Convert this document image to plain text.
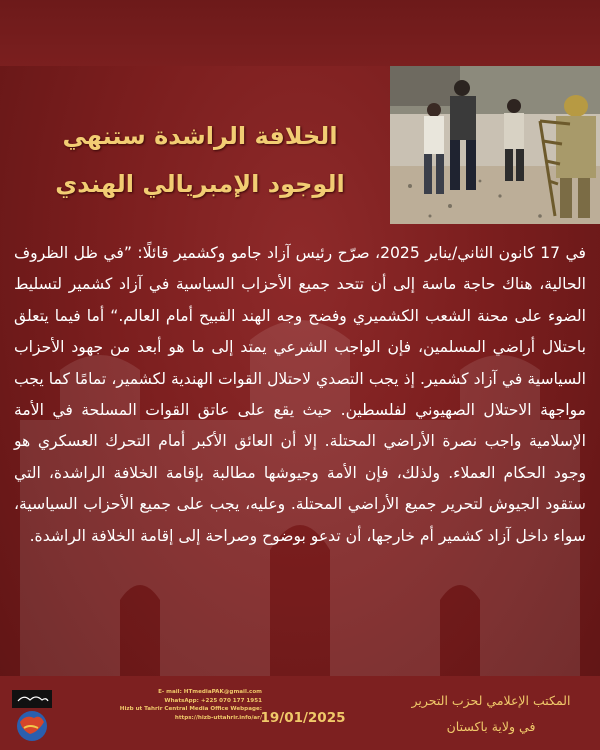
الخلافة الراشدة ستنهي
الوجود الإمبريالي الهندي
في 17 كانون الثاني/يناير 2025، صرّح رئيس آزاد جامو وكشمير قائلًا: ”في ظل الظروف الحالية، هناك حاجة ماسة إلى أن تتحد جميع الأحزاب السياسية في آزاد كشمير لتسليط الضوء على محنة الشعب الكشميري وفضح وجه الهند القبيح أمام العالم.“ أما فيما يتعلق باحتلال أراضي المسلمين، فإن الواجب الشرعي يمتد إلى ما هو أبعد من جهود الأحزاب السياسية في آزاد كشمير. إذ يجب التصدي لاحتلال القوات الهندية لكشمير، تمامًا كما يجب مواجهة الاحتلال الصهيوني لفلسطين. حيث يقع على عاتق القوات المسلحة في الأمة الإسلامية واجب نصرة الأراضي المحتلة. إلا أن العائق الأكبر أمام التحرك العسكري هو وجود الحكام العملاء. ولذلك، فإن الأمة وجيوشها مطالبة بإقامة الخلافة الراشدة، التي ستقود الجيوش لتحرير جميع الأراضي المحتلة. وعليه، يجب على جميع الأحزاب السياسية، سواء داخل آزاد كشمير أم خارجها، أن تدعو بوضوح وصراحة إلى إقامة الخلافة الراشدة.
المكتب الإعلامي لحزب التحرير
في ولاية باكستان
19/01/2025
E- mail: HTmediaPAK@gmail.com
WhatsApp: +225 070 177 1951
Hizb ut Tahrir Central Media Office Webpage:
https://hizb-uttahrir.info/ar/
